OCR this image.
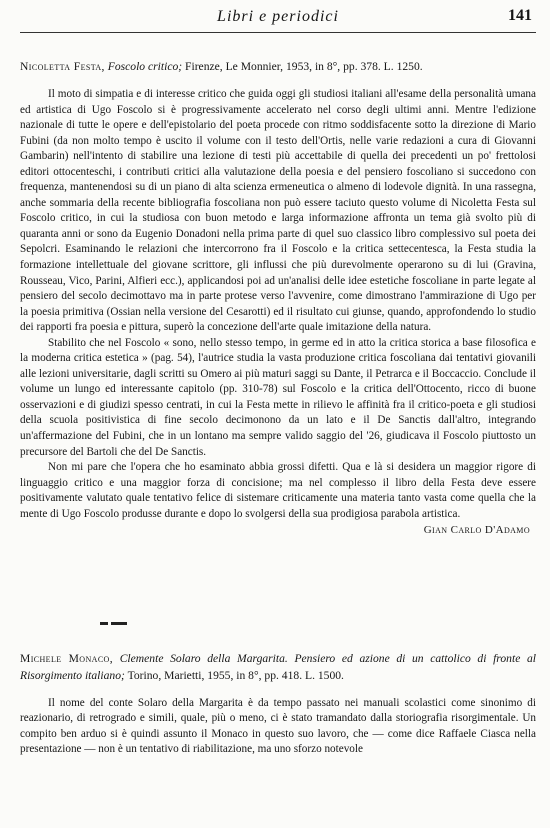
Libri e periodici	141

Nicoletta Festa, Foscolo critico; Firenze, Le Monnier, 1953, in 8°, pp. 378. L. 1250.

Il moto di simpatia e di interesse critico che guida oggi gli studiosi italiani all'esame della personalità umana ed artistica di Ugo Foscolo si è progressivamente accelerato nel corso degli ultimi anni. Mentre l'edizione nazionale di tutte le opere e dell'epistolario del poeta procede con ritmo soddisfacente sotto la direzione di Mario Fubini (da non molto tempo è uscito il volume con il testo dell'Ortis, nelle varie redazioni a cura di Giovanni Gambarin) nell'intento di stabilire una lezione di testi più accettabile di quella dei precedenti un po' frettolosi editori ottocenteschi, i contributi critici alla valutazione della poesia e del pensiero foscoliano si succedono con frequenza, mantenendosi su di un piano di alta scienza ermeneutica o almeno di lodevole dignità. In una rassegna, anche sommaria della recente bibliografia foscoliana non può essere taciuto questo volume di Nicoletta Festa sul Foscolo critico, in cui la studiosa con buon metodo e larga informazione affronta un tema già svolto più di quaranta anni or sono da Eugenio Donadoni nella prima parte di quel suo classico libro complessivo sul poeta dei Sepolcri. Esaminando le relazioni che intercorrono fra il Foscolo e la critica settecentesca, la Festa studia la formazione intellettuale del giovane scrittore, gli influssi che più durevolmente operarono su di lui (Gravina, Rousseau, Vico, Parini, Alfieri ecc.), applicandosi poi ad un'analisi delle idee estetiche foscoliane in parte legate al pensiero del secolo decimottavo ma in parte protese verso l'avvenire, come dimostrano l'ammirazione di Ugo per la poesia primitiva (Ossian nella versione del Cesarotti) ed il risultato cui giunse, quando, approfondendo lo studio dei rapporti fra poesia e pittura, superò la concezione dell'arte quale imitazione della natura.

Stabilito che nel Foscolo « sono, nello stesso tempo, in germe ed in atto la critica storica a base filosofica e la moderna critica estetica » (pag. 54), l'autrice studia la vasta produzione critica foscoliana dai tentativi giovanili alle lezioni universitarie, dagli scritti su Omero ai più maturi saggi su Dante, il Petrarca e il Boccaccio. Conclude il volume un lungo ed interessante capitolo (pp. 310-78) sul Foscolo e la critica dell'Ottocento, ricco di buone osservazioni e di giudizi spesso centrati, in cui la Festa mette in rilievo le affinità fra il critico-poeta e gli studiosi della scuola positivistica di fine secolo decimonono da un lato e il De Sanctis dall'altro, integrando un'affermazione del Fubini, che in un lontano ma sempre valido saggio del '26, giudicava il Foscolo piuttosto un precursore del Bartoli che del De Sanctis.

Non mi pare che l'opera che ho esaminato abbia grossi difetti. Qua e là si desidera un maggior rigore di linguaggio critico e una maggior forza di concisione; ma nel complesso il libro della Festa deve essere positivamente valutato quale tentativo felice di sistemare criticamente una materia tanto vasta come quella che la mente di Ugo Foscolo produsse durante e dopo lo svolgersi della sua prodigiosa parabola artistica.

Gian Carlo D'Adamo

Michele Monaco, Clemente Solaro della Margarita. Pensiero ed azione di un cattolico di fronte al Risorgimento italiano; Torino, Marietti, 1955, in 8°, pp. 418. L. 1500.

Il nome del conte Solaro della Margarita è da tempo passato nei manuali scolastici come sinonimo di reazionario, di retrogrado e simili, quale, più o meno, ci è stato tramandato dalla storiografia risorgimentale. Un compito ben arduo si è quindi assunto il Monaco in questo suo lavoro, che — come dice Raffaele Ciasca nella presentazione — non è un tentativo di riabilitazione, ma uno sforzo notevole
